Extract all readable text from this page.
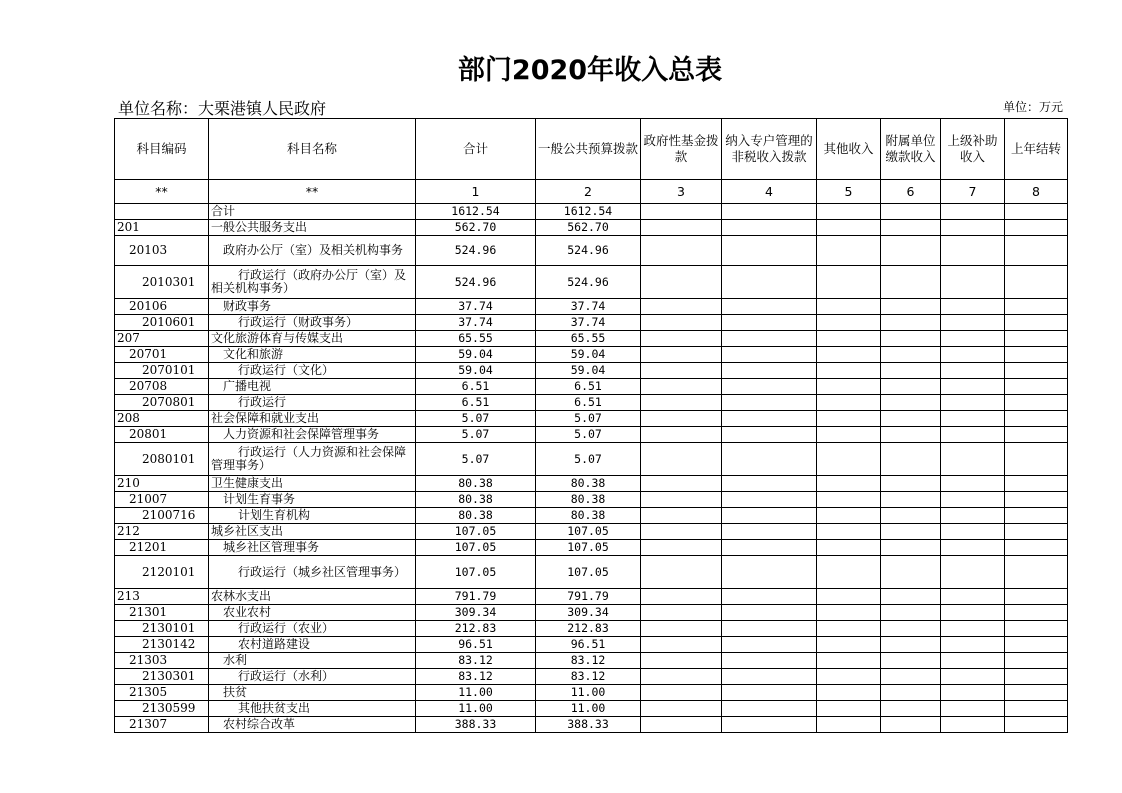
部门2020年收入总表
单位名称：大栗港镇人民政府	单位：万元
科目编码	科目名称	合计	一般公共预算拨款	政府性基金拨款	纳入专户管理的非税收入拨款	其他收入	附属单位缴款收入	上级补助收入	上年结转
**	**	1	2	3	4	5	6	7	8
	合计	1612.54	1612.54						
201	一般公共服务支出	562.70	562.70						
20103	政府办公厅（室）及相关机构事务	524.96	524.96						
2010301	行政运行（政府办公厅（室）及相关机构事务）	524.96	524.96						
20106	财政事务	37.74	37.74						
2010601	行政运行（财政事务）	37.74	37.74						
207	文化旅游体育与传媒支出	65.55	65.55						
20701	文化和旅游	59.04	59.04						
2070101	行政运行（文化）	59.04	59.04						
20708	广播电视	6.51	6.51						
2070801	行政运行	6.51	6.51						
208	社会保障和就业支出	5.07	5.07						
20801	人力资源和社会保障管理事务	5.07	5.07						
2080101	行政运行（人力资源和社会保障管理事务）	5.07	5.07						
210	卫生健康支出	80.38	80.38						
21007	计划生育事务	80.38	80.38						
2100716	计划生育机构	80.38	80.38						
212	城乡社区支出	107.05	107.05						
21201	城乡社区管理事务	107.05	107.05						
2120101	行政运行（城乡社区管理事务）	107.05	107.05						
213	农林水支出	791.79	791.79						
21301	农业农村	309.34	309.34						
2130101	行政运行（农业）	212.83	212.83						
2130142	农村道路建设	96.51	96.51						
21303	水利	83.12	83.12						
2130301	行政运行（水利）	83.12	83.12						
21305	扶贫	11.00	11.00						
2130599	其他扶贫支出	11.00	11.00						
21307	农村综合改革	388.33	388.33						
